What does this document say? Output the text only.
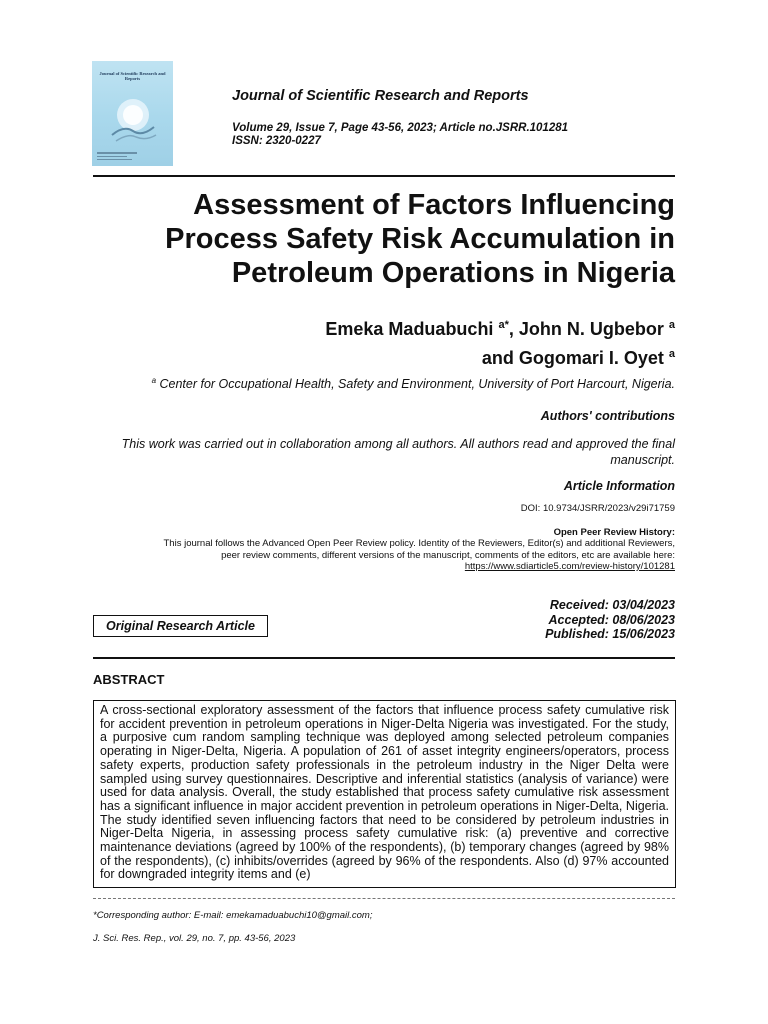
Journal of Scientific Research and Reports
Journal of Scientific Research and Reports
Volume 29, Issue 7, Page 43-56, 2023; Article no.JSRR.101281
ISSN: 2320-0227
Assessment of Factors Influencing
Process Safety Risk Accumulation in
Petroleum Operations in Nigeria
Emeka Maduabuchi $^{a*}$, John N. Ugbebor $^a$
and Gogomari I. Oyet $^a$
$^a$ Center for Occupational Health, Safety and Environment, University of Port Harcourt, Nigeria.
Authors' contributions
This work was carried out in collaboration among all authors. All authors read and approved the final manuscript.
Article Information
DOI: 10.9734/JSRR/2023/v29i71759
Open Peer Review History:
This journal follows the Advanced Open Peer Review policy. Identity of the Reviewers, Editor(s) and additional Reviewers,
peer review comments, different versions of the manuscript, comments of the editors, etc are available here:
https://www.sdiarticle5.com/review-history/101281
Original Research Article
Received: 03/04/2023
Accepted: 08/06/2023
Published: 15/06/2023
ABSTRACT
A cross-sectional exploratory assessment of the factors that influence process safety cumulative risk for accident prevention in petroleum operations in Niger-Delta Nigeria was investigated. For the study, a purposive cum random sampling technique was deployed among selected petroleum companies operating in Niger-Delta, Nigeria. A population of 261 of asset integrity engineers/operators, process safety experts, production safety professionals in the petroleum industry in the Niger Delta were sampled using survey questionnaires. Descriptive and inferential statistics (analysis of variance) were used for data analysis. Overall, the study established that process safety cumulative risk assessment has a significant influence in major accident prevention in petroleum operations in Niger-Delta, Nigeria. The study identified seven influencing factors that need to be considered by petroleum industries in Niger-Delta Nigeria, in assessing process safety cumulative risk: (a) preventive and corrective maintenance deviations (agreed by 100% of the respondents), (b) temporary changes (agreed by 98% of the respondents), (c) inhibits/overrides (agreed by 96% of the respondents. Also (d) 97% accounted for downgraded integrity items and (e)
*Corresponding author: E-mail: emekamaduabuchi10@gmail.com;
J. Sci. Res. Rep., vol. 29, no. 7, pp. 43-56, 2023
